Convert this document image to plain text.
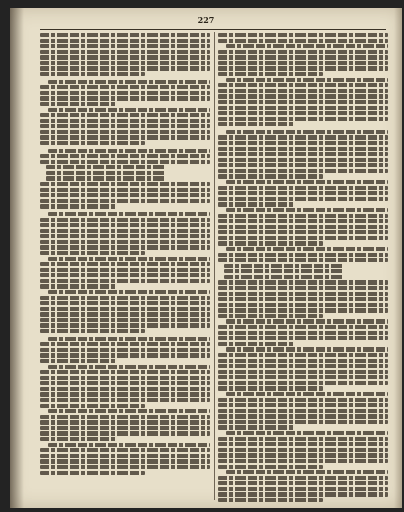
227
